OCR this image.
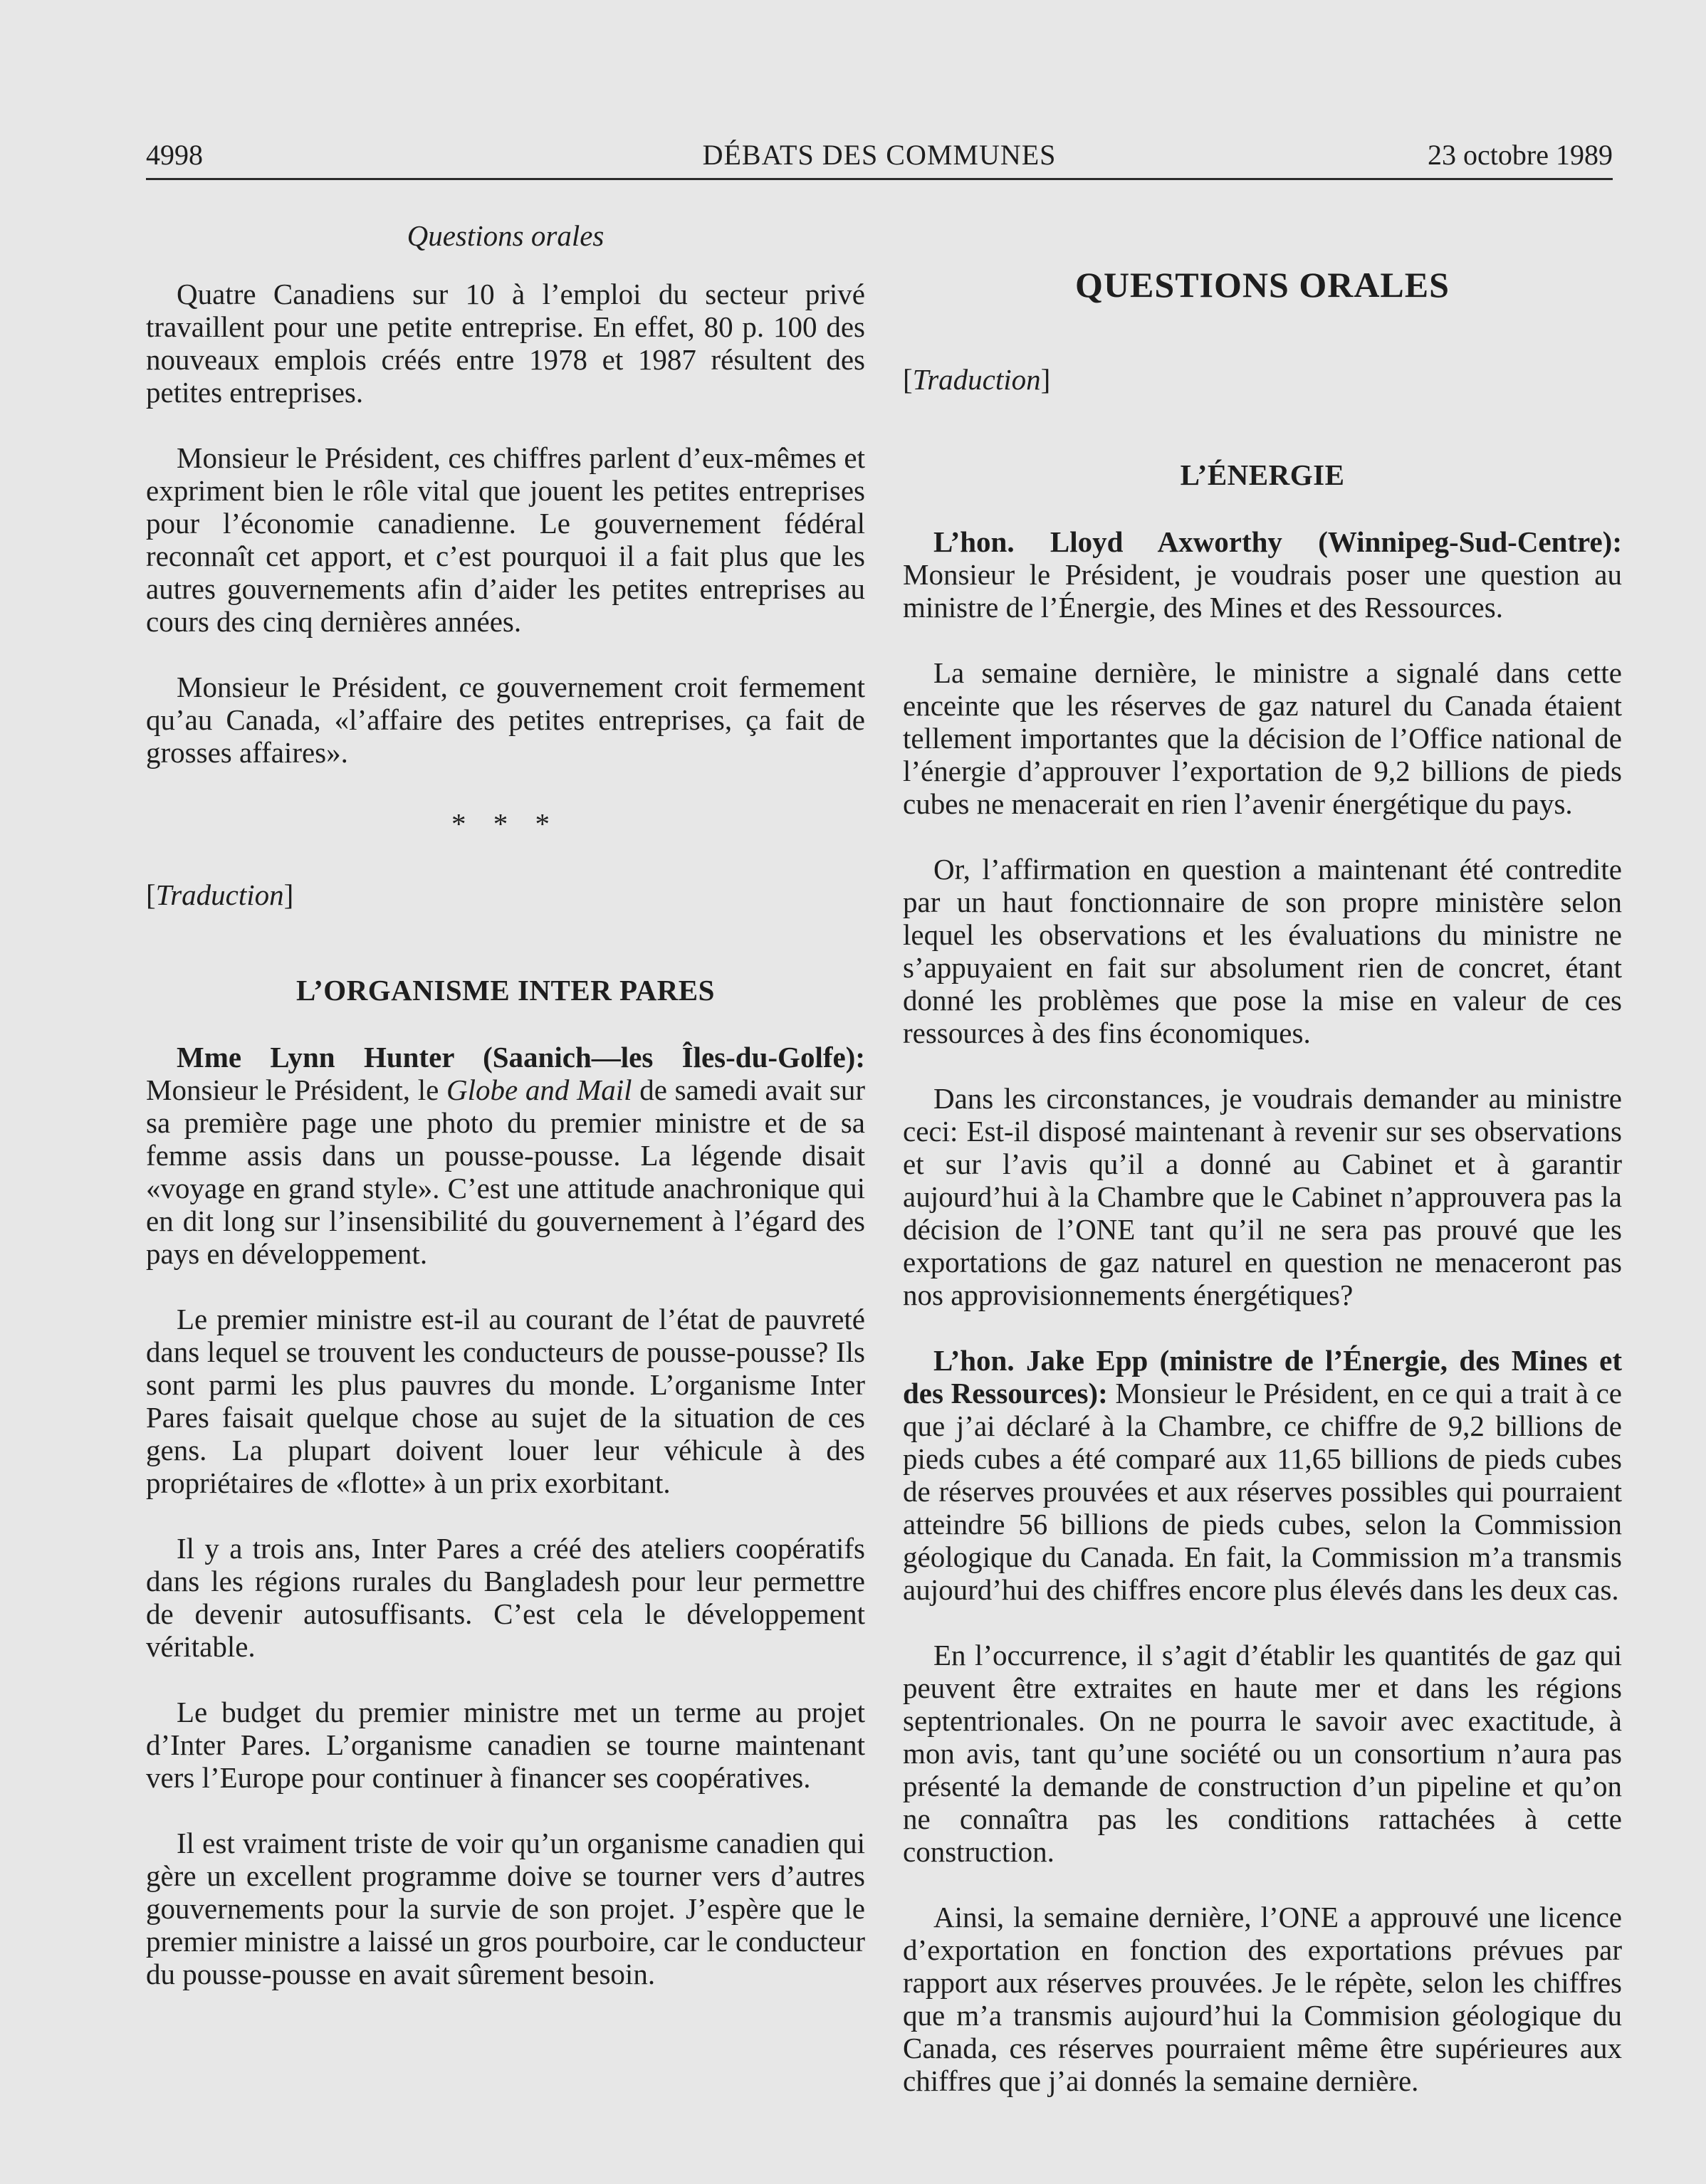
4998	DÉBATS DES COMMUNES	23 octobre 1989
Questions orales

Quatre Canadiens sur 10 à l’emploi du secteur privé travaillent pour une petite entreprise. En effet, 80 p. 100 des nouveaux emplois créés entre 1978 et 1987 résultent des petites entreprises.

Monsieur le Président, ces chiffres parlent d’eux-mêmes et expriment bien le rôle vital que jouent les petites entreprises pour l’économie canadienne. Le gouvernement fédéral reconnaît cet apport, et c’est pourquoi il a fait plus que les autres gouvernements afin d’aider les petites entreprises au cours des cinq dernières années.

Monsieur le Président, ce gouvernement croit fermement qu’au Canada, «l’affaire des petites entreprises, ça fait de grosses affaires».

* * *
[Traduction]
L’ORGANISME INTER PARES

Mme Lynn Hunter (Saanich—les Îles-du-Golfe): Monsieur le Président, le Globe and Mail de samedi avait sur sa première page une photo du premier ministre et de sa femme assis dans un pousse-pousse. La légende disait «voyage en grand style». C’est une attitude anachronique qui en dit long sur l’insensibilité du gouvernement à l’égard des pays en développement.

Le premier ministre est-il au courant de l’état de pauvreté dans lequel se trouvent les conducteurs de pousse-pousse? Ils sont parmi les plus pauvres du monde. L’organisme Inter Pares faisait quelque chose au sujet de la situation de ces gens. La plupart doivent louer leur véhicule à des propriétaires de «flotte» à un prix exorbitant.

Il y a trois ans, Inter Pares a créé des ateliers coopératifs dans les régions rurales du Bangladesh pour leur permettre de devenir autosuffisants. C’est cela le développement véritable.

Le budget du premier ministre met un terme au projet d’Inter Pares. L’organisme canadien se tourne maintenant vers l’Europe pour continuer à financer ses coopératives.

Il est vraiment triste de voir qu’un organisme canadien qui gère un excellent programme doive se tourner vers d’autres gouvernements pour la survie de son projet. J’espère que le premier ministre a laissé un gros pourboire, car le conducteur du pousse-pousse en avait sûrement besoin.

QUESTIONS ORALES
[Traduction]
L’ÉNERGIE

L’hon. Lloyd Axworthy (Winnipeg-Sud-Centre): Monsieur le Président, je voudrais poser une question au ministre de l’Énergie, des Mines et des Ressources.

La semaine dernière, le ministre a signalé dans cette enceinte que les réserves de gaz naturel du Canada étaient tellement importantes que la décision de l’Office national de l’énergie d’approuver l’exportation de 9,2 billions de pieds cubes ne menacerait en rien l’avenir énergétique du pays.

Or, l’affirmation en question a maintenant été contredite par un haut fonctionnaire de son propre ministère selon lequel les observations et les évaluations du ministre ne s’appuyaient en fait sur absolument rien de concret, étant donné les problèmes que pose la mise en valeur de ces ressources à des fins économiques.

Dans les circonstances, je voudrais demander au ministre ceci: Est-il disposé maintenant à revenir sur ses observations et sur l’avis qu’il a donné au Cabinet et à garantir aujourd’hui à la Chambre que le Cabinet n’approuvera pas la décision de l’ONE tant qu’il ne sera pas prouvé que les exportations de gaz naturel en question ne menaceront pas nos approvisionnements énergétiques?

L’hon. Jake Epp (ministre de l’Énergie, des Mines et des Ressources): Monsieur le Président, en ce qui a trait à ce que j’ai déclaré à la Chambre, ce chiffre de 9,2 billions de pieds cubes a été comparé aux 11,65 billions de pieds cubes de réserves prouvées et aux réserves possibles qui pourraient atteindre 56 billions de pieds cubes, selon la Commission géologique du Canada. En fait, la Commission m’a transmis aujourd’hui des chiffres encore plus élevés dans les deux cas.

En l’occurrence, il s’agit d’établir les quantités de gaz qui peuvent être extraites en haute mer et dans les régions septentrionales. On ne pourra le savoir avec exactitude, à mon avis, tant qu’une société ou un consortium n’aura pas présenté la demande de construction d’un pipeline et qu’on ne connaîtra pas les conditions rattachées à cette construction.

Ainsi, la semaine dernière, l’ONE a approuvé une licence d’exportation en fonction des exportations prévues par rapport aux réserves prouvées. Je le répète, selon les chiffres que m’a transmis aujourd’hui la Commision géologique du Canada, ces réserves pourraient même être supérieures aux chiffres que j’ai donnés la semaine dernière.
